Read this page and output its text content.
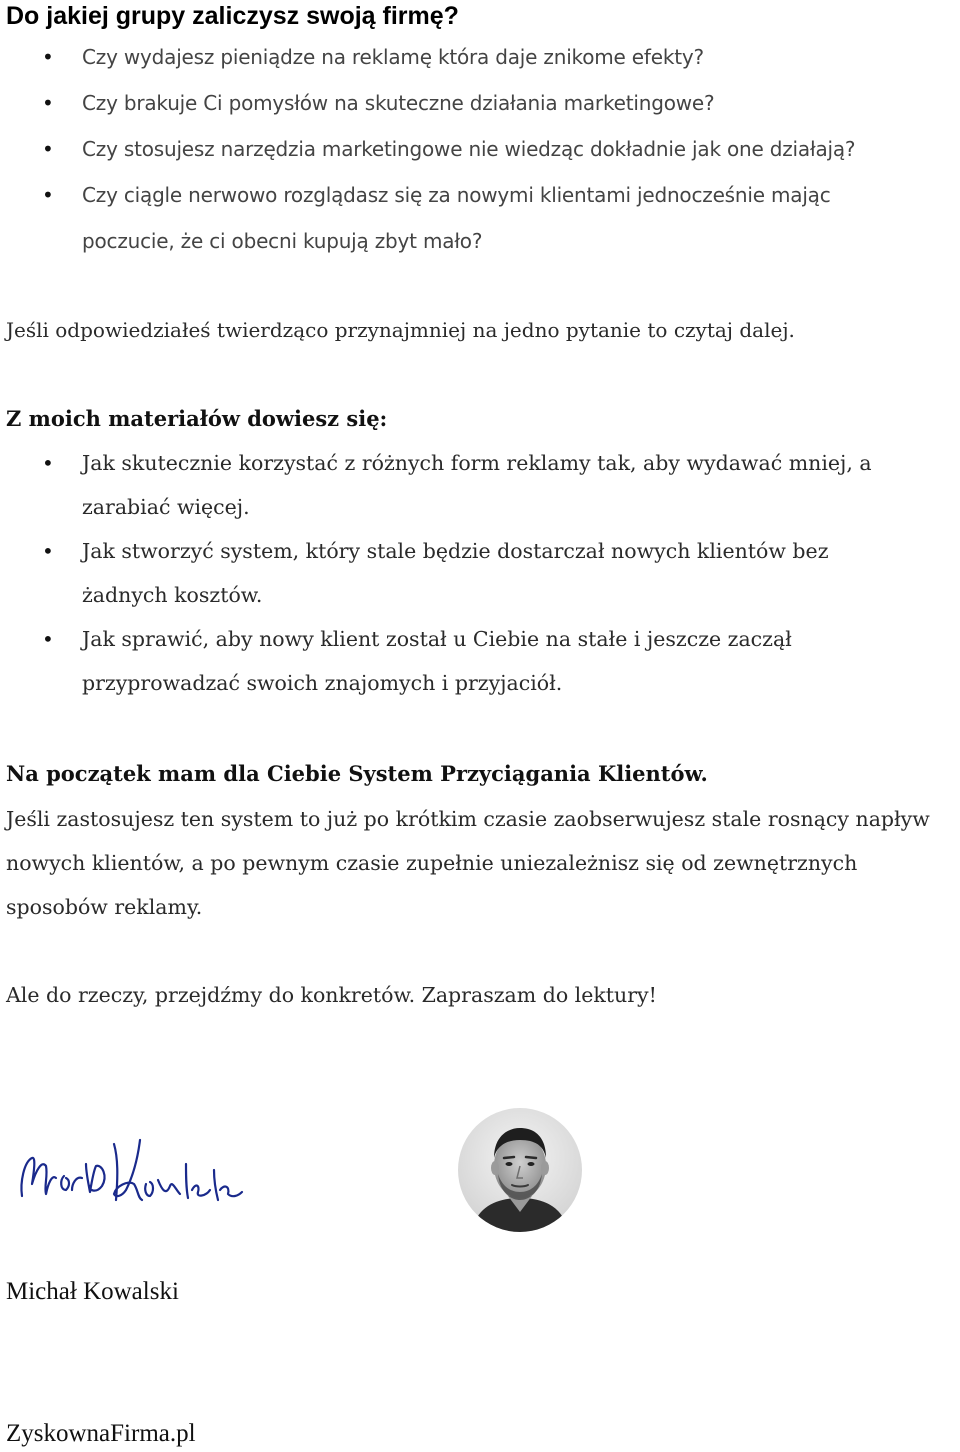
Do jakiej grupy zaliczysz swoją firmę?
• Czy wydajesz pieniądze na reklamę która daje znikome efekty?
• Czy brakuje Ci pomysłów na skuteczne działania marketingowe?
• Czy stosujesz narzędzia marketingowe nie wiedząc dokładnie jak one działają?
• Czy ciągle nerwowo rozglądasz się za nowymi klientami jednocześnie mając poczucie, że ci obecni kupują zbyt mało?

Jeśli odpowiedziałeś twierdząco przynajmniej na jedno pytanie to czytaj dalej.

Z moich materiałów dowiesz się:
• Jak skutecznie korzystać z różnych form reklamy tak, aby wydawać mniej, a zarabiać więcej.
• Jak stworzyć system, który stale będzie dostarczał nowych klientów bez żadnych kosztów.
• Jak sprawić, aby nowy klient został u Ciebie na stałe i jeszcze zaczął przyprowadzać swoich znajomych i przyjaciół.
Na początek mam dla Ciebie System Przyciągania Klientów.

Jeśli zastosujesz ten system to już po krótkim czasie zaobserwujesz stale rosnący napływ nowych klientów, a po pewnym czasie zupełnie uniezależnisz się od zewnętrznych sposobów reklamy.

Ale do rzeczy, przejdźmy do konkretów. Zapraszam do lektury!

Michał Kowalski

ZyskownaFirma.pl
